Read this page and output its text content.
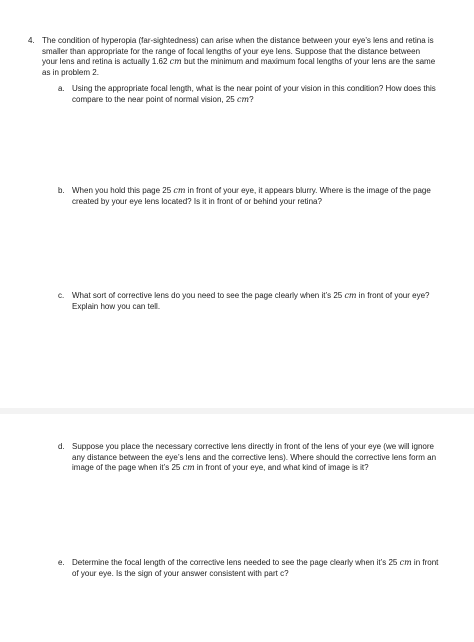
4. The condition of hyperopia (far-sightedness) can arise when the distance between your eye’s lens and retina is
smaller than appropriate for the range of focal lengths of your eye lens. Suppose that the distance between
your lens and retina is actually 1.62 cm but the minimum and maximum focal lengths of your lens are the same
as in problem 2.
a. Using the appropriate focal length, what is the near point of your vision in this condition? How does this
compare to the near point of normal vision, 25 cm?
b. When you hold this page 25 cm in front of your eye, it appears blurry. Where is the image of the page
created by your eye lens located? Is it in front of or behind your retina?
c. What sort of corrective lens do you need to see the page clearly when it’s 25 cm in front of your eye?
Explain how you can tell.
d. Suppose you place the necessary corrective lens directly in front of the lens of your eye (we will ignore
any distance between the eye’s lens and the corrective lens). Where should the corrective lens form an
image of the page when it’s 25 cm in front of your eye, and what kind of image is it?
e. Determine the focal length of the corrective lens needed to see the page clearly when it’s 25 cm in front
of your eye. Is the sign of your answer consistent with part c?
